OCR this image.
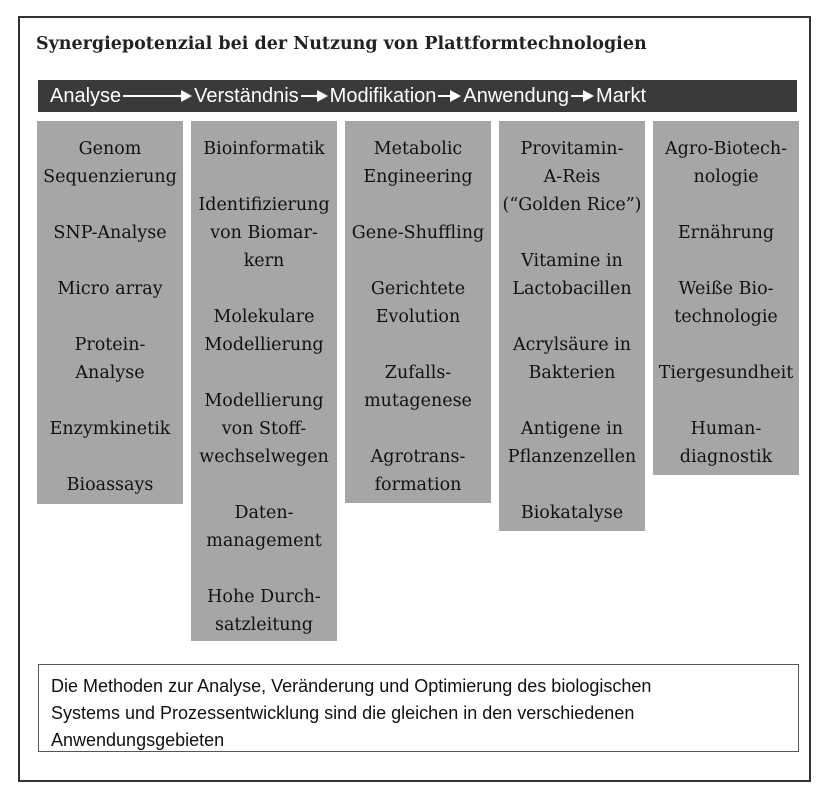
Synergiepotenzial bei der Nutzung von Plattformtechnologien
Analyse	Verständnis Modifikation Anwendung Markt
Genom
Sequenzierung
SNP-Analyse
Micro array
Protein-
Analyse
Enzymkinetik
Bioassays
Bioinformatik
Identifizierung
von Biomar-
kern
Molekulare
Modellierung
Modellierung
von Stoff-
wechselwegen
Daten-
management
Hohe Durch-
satzleitung
Metabolic
Engineering
Gene-Shuffling
Gerichtete
Evolution
Zufalls-
mutagenese
Agrotrans-
formation
Provitamin-
A-Reis
(“Golden Rice”)
Vitamine in
Lactobacillen
Acrylsäure in
Bakterien
Antigene in
Pflanzenzellen
Biokatalyse
Agro-Biotech-
nologie
Ernährung
Weiße Bio-
technologie
Tiergesundheit
Human-
diagnostik
Die Methoden zur Analyse, Veränderung und Optimierung des biologischen
Systems und Prozessentwicklung sind die gleichen in den verschiedenen
Anwendungsgebieten
